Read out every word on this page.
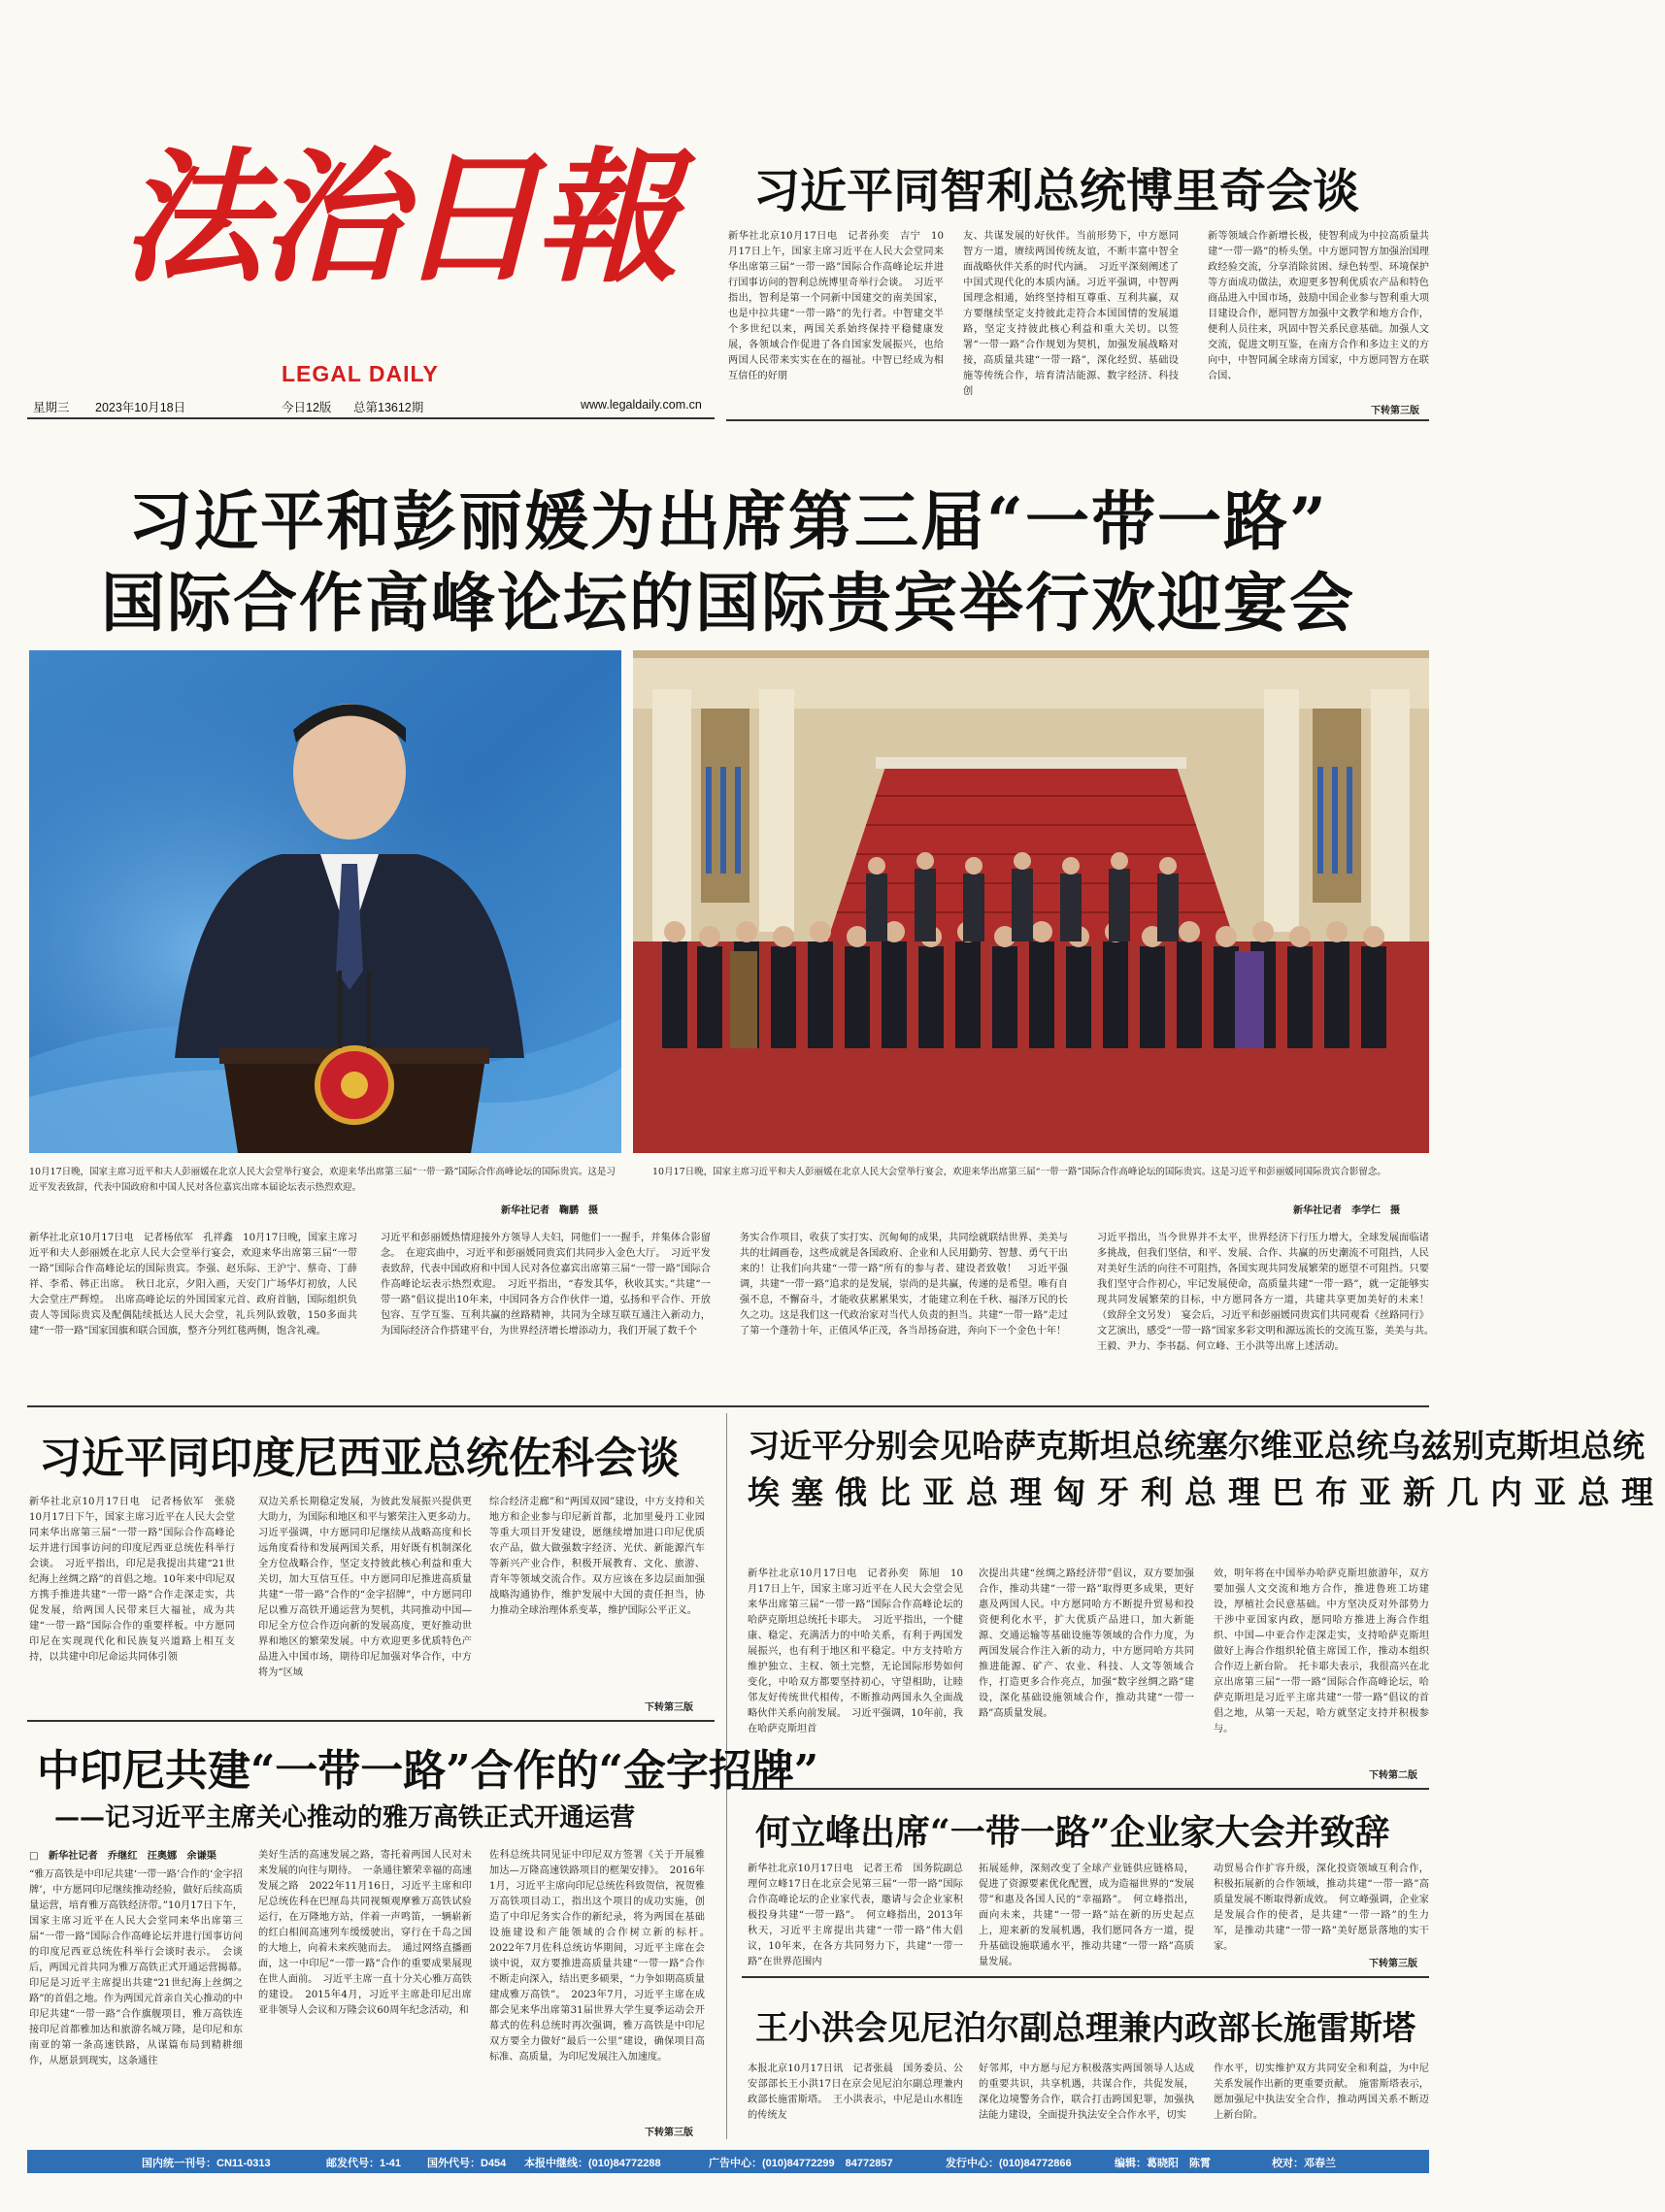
法治日報
LEGAL DAILY
星期三 2023年10月18日	今日12版 总第13612期	www.legaldaily.com.cn
习近平同智利总统博里奇会谈
新华社北京10月17日电　记者孙奕　吉宁　10月17日上午，国家主席习近平在人民大会堂同来华出席第三届“一带一路”国际合作高峰论坛并进行国事访问的智利总统博里奇举行会谈。　习近平指出，智利是第一个同新中国建交的南美国家，也是中拉共建“一带一路”的先行者。中智建交半个多世纪以来，两国关系始终保持平稳健康发展，各领域合作促进了各自国家发展振兴，也给两国人民带来实实在在的福祉。中智已经成为相互信任的好朋
友、共谋发展的好伙伴。当前形势下，中方愿同智方一道，赓续两国传统友谊，不断丰富中智全面战略伙伴关系的时代内涵。　习近平深刻阐述了中国式现代化的本质内涵。习近平强调，中智两国理念相通，始终坚持相互尊重、互利共赢，双方要继续坚定支持彼此走符合本国国情的发展道路，坚定支持彼此核心利益和重大关切。以签署“一带一路”合作规划为契机，加强发展战略对接，高质量共建“一带一路”，深化经贸、基础设施等传统合作，培育清洁能源、数字经济、科技创
新等领域合作新增长极，使智利成为中拉高质量共建“一带一路”的桥头堡。中方愿同智方加强治国理政经验交流，分享消除贫困、绿色转型、环境保护等方面成功做法，欢迎更多智利优质农产品和特色商品进入中国市场，鼓励中国企业参与智利重大项目建设合作，愿同智方加强中文教学和地方合作，便利人员往来，巩固中智关系民意基础。加强人文交流，促进文明互鉴，在南方合作和多边主义的方向中，中智同属全球南方国家，中方愿同智方在联合国、
下转第三版
习近平和彭丽媛为出席第三届“一带一路”
国际合作高峰论坛的国际贵宾举行欢迎宴会
10月17日晚，国家主席习近平和夫人彭丽媛在北京人民大会堂举行宴会，欢迎来华出席第三届“一带一路”国际合作高峰论坛的国际贵宾。这是习近平发表致辞，代表中国政府和中国人民对各位嘉宾出席本届论坛表示热烈欢迎。
新华社记者　鞠鹏　摄
10月17日晚，国家主席习近平和夫人彭丽媛在北京人民大会堂举行宴会，欢迎来华出席第三届“一带一路”国际合作高峰论坛的国际贵宾。这是习近平和彭丽媛同国际贵宾合影留念。
新华社记者　李学仁　摄
新华社北京10月17日电　记者杨依军　孔祥鑫　10月17日晚，国家主席习近平和夫人彭丽媛在北京人民大会堂举行宴会，欢迎来华出席第三届“一带一路”国际合作高峰论坛的国际贵宾。李强、赵乐际、王沪宁、蔡奇、丁薛祥、李希、韩正出席。　秋日北京，夕阳入画，天安门广场华灯初放，人民大会堂庄严辉煌。　出席高峰论坛的外国国家元首、政府首脑，国际组织负责人等国际贵宾及配偶陆续抵达人民大会堂，礼兵列队致敬，150多面共建“一带一路”国家国旗和联合国旗，整齐分列红毯两侧，饱含礼魂。
习近平和彭丽媛热情迎接外方领导人夫妇，同他们一一握手，并集体合影留念。　在迎宾曲中，习近平和彭丽媛同贵宾们共同步入金色大厅。　习近平发表致辞，代表中国政府和中国人民对各位嘉宾出席第三届“一带一路”国际合作高峰论坛表示热烈欢迎。　习近平指出，“春发其华，秋收其实。”共建“一带一路”倡议提出10年来，中国同各方合作伙伴一道，弘扬和平合作、开放包容、互学互鉴、互利共赢的丝路精神，共同为全球互联互通注入新动力，为国际经济合作搭建平台，为世界经济增长增添动力，我们开展了数千个
务实合作项目，收获了实打实、沉甸甸的成果，共同绘就联结世界、美美与共的壮阔画卷，这些成就是各国政府、企业和人民用勤劳、智慧、勇气干出来的！让我们向共建“一带一路”所有的参与者、建设者致敬！　习近平强调，共建“一带一路”追求的是发展，崇尚的是共赢，传递的是希望。唯有自强不息，不懈奋斗，才能收获累累果实，才能建立利在千秋、福泽万民的长久之功。这是我们这一代政治家对当代人负责的担当。共建“一带一路”走过了第一个蓬勃十年，正值风华正茂，各当昂扬奋进，奔向下一个金色十年！
习近平指出，当今世界并不太平，世界经济下行压力增大，全球发展面临诸多挑战，但我们坚信，和平、发展、合作、共赢的历史潮流不可阻挡，人民对美好生活的向往不可阻挡，各国实现共同发展繁荣的愿望不可阻挡。只要我们坚守合作初心，牢记发展使命，高质量共建“一带一路”，就一定能够实现共同发展繁荣的目标，中方愿同各方一道，共建共享更加美好的未来！（致辞全文另发）　宴会后，习近平和彭丽媛同贵宾们共同观看《丝路同行》文艺演出，感受“一带一路”国家多彩文明和源远流长的交流互鉴，美美与共。　王毅、尹力、李书磊、何立峰、王小洪等出席上述活动。
习近平同印度尼西亚总统佐科会谈
新华社北京10月17日电　记者杨依军　张骁　10月17日下午，国家主席习近平在人民大会堂同来华出席第三届“一带一路”国际合作高峰论坛并进行国事访问的印度尼西亚总统佐科举行会谈。　习近平指出，印尼是我提出共建“21世纪海上丝绸之路”的首倡之地。10年来中印尼双方携手推进共建“一带一路”合作走深走实，共促发展，给两国人民带来巨大福祉，成为共建“一带一路”国际合作的重要样板。中方愿同印尼在实现现代化和民族复兴道路上相互支持，以共建中印尼命运共同体引领
双边关系长期稳定发展，为彼此发展振兴提供更大助力，为国际和地区和平与繁荣注入更多动力。　习近平强调，中方愿同印尼继续从战略高度和长远角度看待和发展两国关系，用好既有机制深化全方位战略合作，坚定支持彼此核心利益和重大关切，加大互信互任。中方愿同印尼推进高质量共建“一带一路”合作的“金字招牌”，中方愿同印尼以雅万高铁开通运营为契机，共同推动中国—印尼全方位合作迈向新的发展高度，更好推动世界和地区的繁荣发展。中方欢迎更多优质特色产品进入中国市场，期待印尼加强对华合作，中方将为“区域
综合经济走廊”和“两国双园”建设，中方支持和关地方和企业参与印尼新首都，北加里曼丹工业园等重大项目开发建设，愿继续增加进口印尼优质农产品，做大做强数字经济、光伏、新能源汽车等新兴产业合作，积极开展教育、文化、旅游、青年等领域交流合作。双方应该在多边层面加强战略沟通协作，维护发展中大国的责任担当，协力推动全球治理体系变革，维护国际公平正义。
下转第三版
习近平分别会见哈萨克斯坦总统塞尔维亚总统乌兹别克斯坦总统
埃塞俄比亚总理匈牙利总理巴布亚新几内亚总理
新华社北京10月17日电　记者孙奕　陈旭　10月17日上午，国家主席习近平在人民大会堂会见来华出席第三届“一带一路”国际合作高峰论坛的哈萨克斯坦总统托卡耶夫。　习近平指出，一个健康、稳定、充满活力的中哈关系，有利于两国发展振兴，也有利于地区和平稳定。中方支持哈方维护独立、主权、领土完整，无论国际形势如何变化，中哈双方都要坚持初心，守望相助，让睦邻友好传统世代相传，不断推动两国永久全面战略伙伴关系向前发展。　习近平强调，10年前，我在哈萨克斯坦首
次提出共建“丝绸之路经济带”倡议，双方要加强合作，推动共建“一带一路”取得更多成果，更好惠及两国人民。中方愿同哈方不断提升贸易和投资便利化水平，扩大优质产品进口，加大新能源、交通运输等基础设施等领域的合作力度，为两国发展合作注入新的动力，中方愿同哈方共同推进能源、矿产、农业、科技、人文等领域合作，打造更多合作亮点，加强“数字丝绸之路”建设，深化基础设施领域合作，推动共建“一带一路”高质量发展。
效，明年将在中国举办哈萨克斯坦旅游年，双方要加强人文交流和地方合作，推进鲁班工坊建设，厚植社会民意基础。中方坚决反对外部势力干涉中亚国家内政，愿同哈方推进上海合作组织、中国—中亚合作走深走实，支持哈萨克斯坦做好上海合作组织轮值主席国工作，推动本组织合作迈上新台阶。　托卡耶夫表示，我很高兴在北京出席第三届“一带一路”国际合作高峰论坛，哈萨克斯坦是习近平主席共建“一带一路”倡议的首倡之地，从第一天起，哈方就坚定支持并积极参与。
下转第二版
中印尼共建“一带一路”合作的“金字招牌”
——记习近平主席关心推动的雅万高铁正式开通运营
□　新华社记者　乔继红　汪奥娜　余谦渠
“雅万高铁是中印尼共建‘一带一路’合作的‘金字招牌’，中方愿同印尼继续推动经验，做好后续高质量运营，培育雅万高铁经济带。”10月17日下午，国家主席习近平在人民大会堂同来华出席第三届“一带一路”国际合作高峰论坛并进行国事访问的印度尼西亚总统佐科举行会谈时表示。　会谈后，两国元首共同为雅万高铁正式开通运营揭幕。　印尼是习近平主席提出共建“21世纪海上丝绸之路”的首倡之地。作为两国元首亲自关心推动的中印尼共建“一带一路”合作旗舰项目，雅万高铁连接印尼首都雅加达和旅游名城万隆，是印尼和东南亚的第一条高速铁路，从谋篇布局到精耕细作，从愿景到现实，这条通往
美好生活的高速发展之路，寄托着两国人民对未来发展的向往与期待。　一条通往繁荣幸福的高速发展之路　2022年11月16日，习近平主席和印尼总统佐科在巴厘岛共同视频观摩雅万高铁试验运行，在万隆地方站，伴着一声鸣笛，一辆崭新的红白相间高速列车缓缓驶出，穿行在千岛之国的大地上，向着未来疾驰而去。　通过网络直播画面，这一中印尼“一带一路”合作的重要成果展现在世人面前。　习近平主席一直十分关心雅万高铁的建设。　2015年4月，习近平主席赴印尼出席亚非领导人会议和万隆会议60周年纪念活动，和
佐科总统共同见证中印尼双方签署《关于开展雅加达—万隆高速铁路项目的框架安排》。　2016年1月，习近平主席向印尼总统佐科致贺信，祝贺雅万高铁项目动工，指出这个项目的成功实施，创造了中印尼务实合作的新纪录，将为两国在基础设施建设和产能领域的合作树立新的标杆。　2022年7月佐科总统访华期间，习近平主席在会谈中说，双方要推进高质量共建“一带一路”合作不断走向深入，结出更多硕果，“力争如期高质量建成雅万高铁”。　2023年7月，习近平主席在成都会见来华出席第31届世界大学生夏季运动会开幕式的佐科总统时再次强调，雅万高铁是中印尼双方要全力做好“最后一公里”建设，确保项目高标准、高质量，为印尼发展注入加速度。
下转第三版
何立峰出席“一带一路”企业家大会并致辞
新华社北京10月17日电　记者王希　国务院副总理何立峰17日在北京会见第三届“一带一路”国际合作高峰论坛的企业家代表，邀请与会企业家积极投身共建“一带一路”。　何立峰指出，2013年秋天，习近平主席提出共建“一带一路”伟大倡议，10年来，在各方共同努力下，共建“一带一路”在世界范围内
拓展延伸，深刻改变了全球产业链供应链格局，促进了资源要素优化配置，成为造福世界的“发展带”和惠及各国人民的“幸福路”。　何立峰指出，面向未来，共建“一带一路”站在新的历史起点上，迎来新的发展机遇，我们愿同各方一道，提升基础设施联通水平，推动共建“一带一路”高质量发展。
动贸易合作扩容升级，深化投资领域互利合作，积极拓展新的合作领域，推动共建“一带一路”高质量发展不断取得新成效。　何立峰强调，企业家是发展合作的使者，是共建“一带一路”的生力军，是推动共建“一带一路”美好愿景落地的实干家。
下转第三版
王小洪会见尼泊尔副总理兼内政部长施雷斯塔
本报北京10月17日讯　记者张晨　国务委员、公安部部长王小洪17日在京会见尼泊尔副总理兼内政部长施雷斯塔。　王小洪表示，中尼是山水相连的传统友
好邻邦，中方愿与尼方积极落实两国领导人达成的重要共识，共享机遇，共谋合作，共促发展，深化边境警务合作，联合打击跨国犯罪，加强执法能力建设，全面提升执法安全合作水平，切实
作水平，切实维护双方共同安全和利益，为中尼关系发展作出新的更重要贡献。　施雷斯塔表示，愿加强尼中执法安全合作，推动两国关系不断迈上新台阶。
国内统一刊号：CN11-0313	邮发代号：1-41 国外代号：D454 本报中继线：(010)84772288	广告中心：(010)84772299　84772857	发行中心：(010)84772866	编辑：葛晓阳　陈霄	校对：邓春兰
